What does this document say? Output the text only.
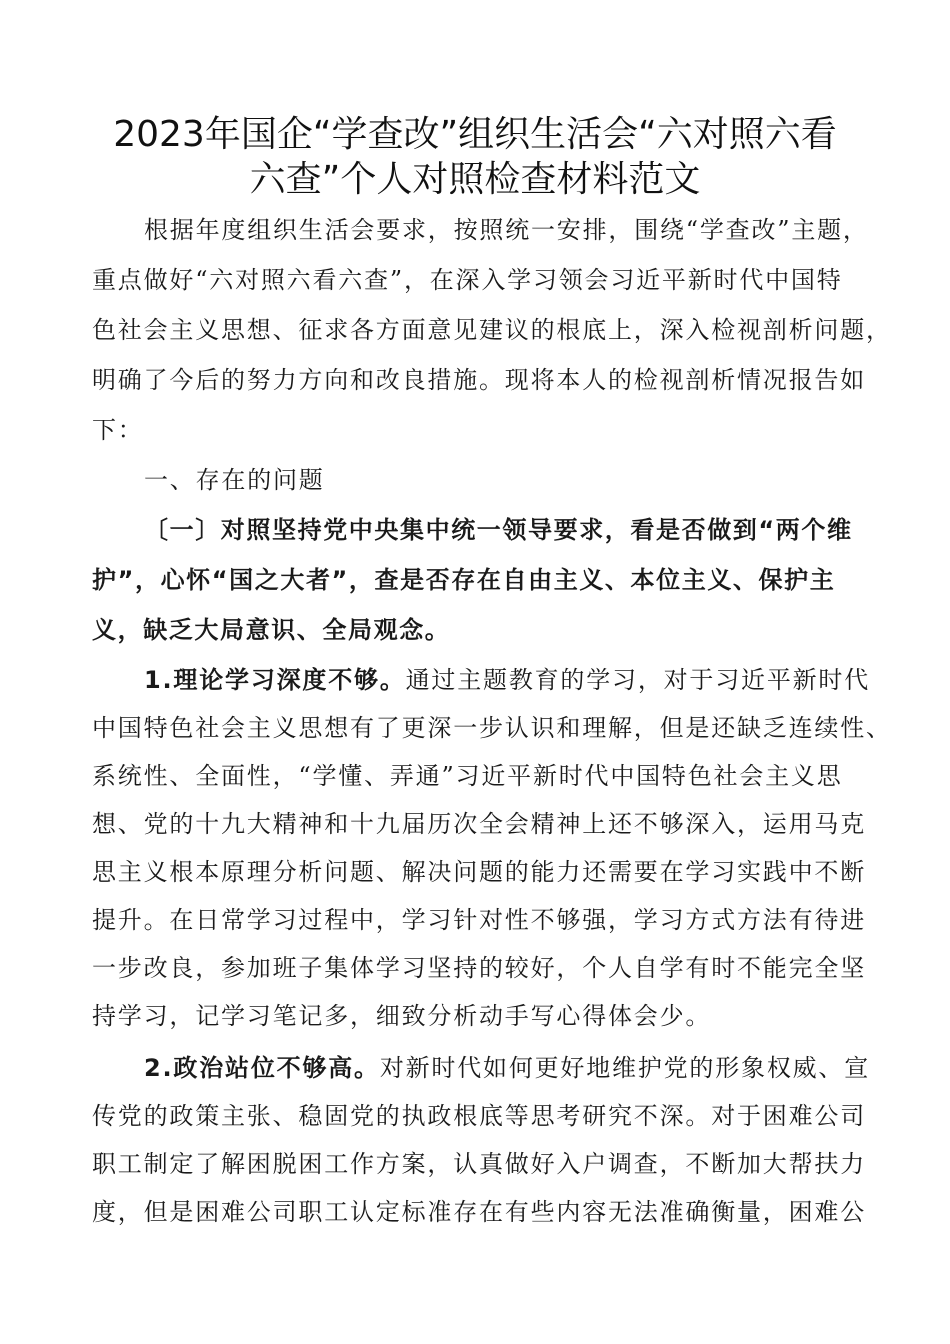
2023年国企“学查改”组织生活会“六对照六看
六查”个人对照检查材料范文
根据年度组织生活会要求，按照统一安排，围绕“学查改”主题，
重点做好“六对照六看六查”，在深入学习领会习近平新时代中国特
色社会主义思想、征求各方面意见建议的根底上，深入检视剖析问题，
明确了今后的努力方向和改良措施。现将本人的检视剖析情况报告如
下：
一、存在的问题
〔一〕对照坚持党中央集中统一领导要求，看是否做到“两个维
护”，心怀“国之大者”，查是否存在自由主义、本位主义、保护主
义，缺乏大局意识、全局观念。
1.理论学习深度不够。通过主题教育的学习，对于习近平新时代
中国特色社会主义思想有了更深一步认识和理解，但是还缺乏连续性、
系统性、全面性，“学懂、弄通”习近平新时代中国特色社会主义思
想、党的十九大精神和十九届历次全会精神上还不够深入，运用马克
思主义根本原理分析问题、解决问题的能力还需要在学习实践中不断
提升。在日常学习过程中，学习针对性不够强，学习方式方法有待进
一步改良，参加班子集体学习坚持的较好，个人自学有时不能完全坚
持学习，记学习笔记多，细致分析动手写心得体会少。
2.政治站位不够高。对新时代如何更好地维护党的形象权威、宣
传党的政策主张、稳固党的执政根底等思考研究不深。对于困难公司
职工制定了解困脱困工作方案，认真做好入户调查，不断加大帮扶力
度，但是困难公司职工认定标准存在有些内容无法准确衡量，困难公
